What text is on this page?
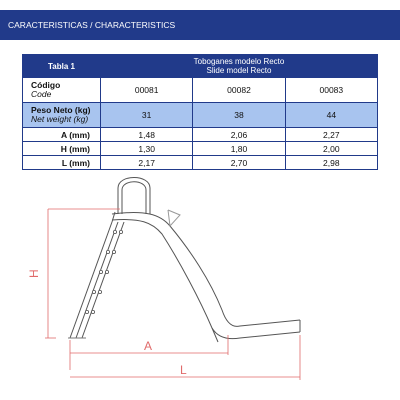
CARACTERISTICAS / CHARACTERISTICS
Tabla 1	Toboganes modelo Recto
Slide model Recto		

Código
Code	00081	00082	00083

Peso Neto (kg)
Net weight (kg)	31	38	44
A (mm)	1,48	2,06	2,27
H (mm)	1,30	1,80	2,00
L (mm)	2,17	2,70	2,98
H
A
L
